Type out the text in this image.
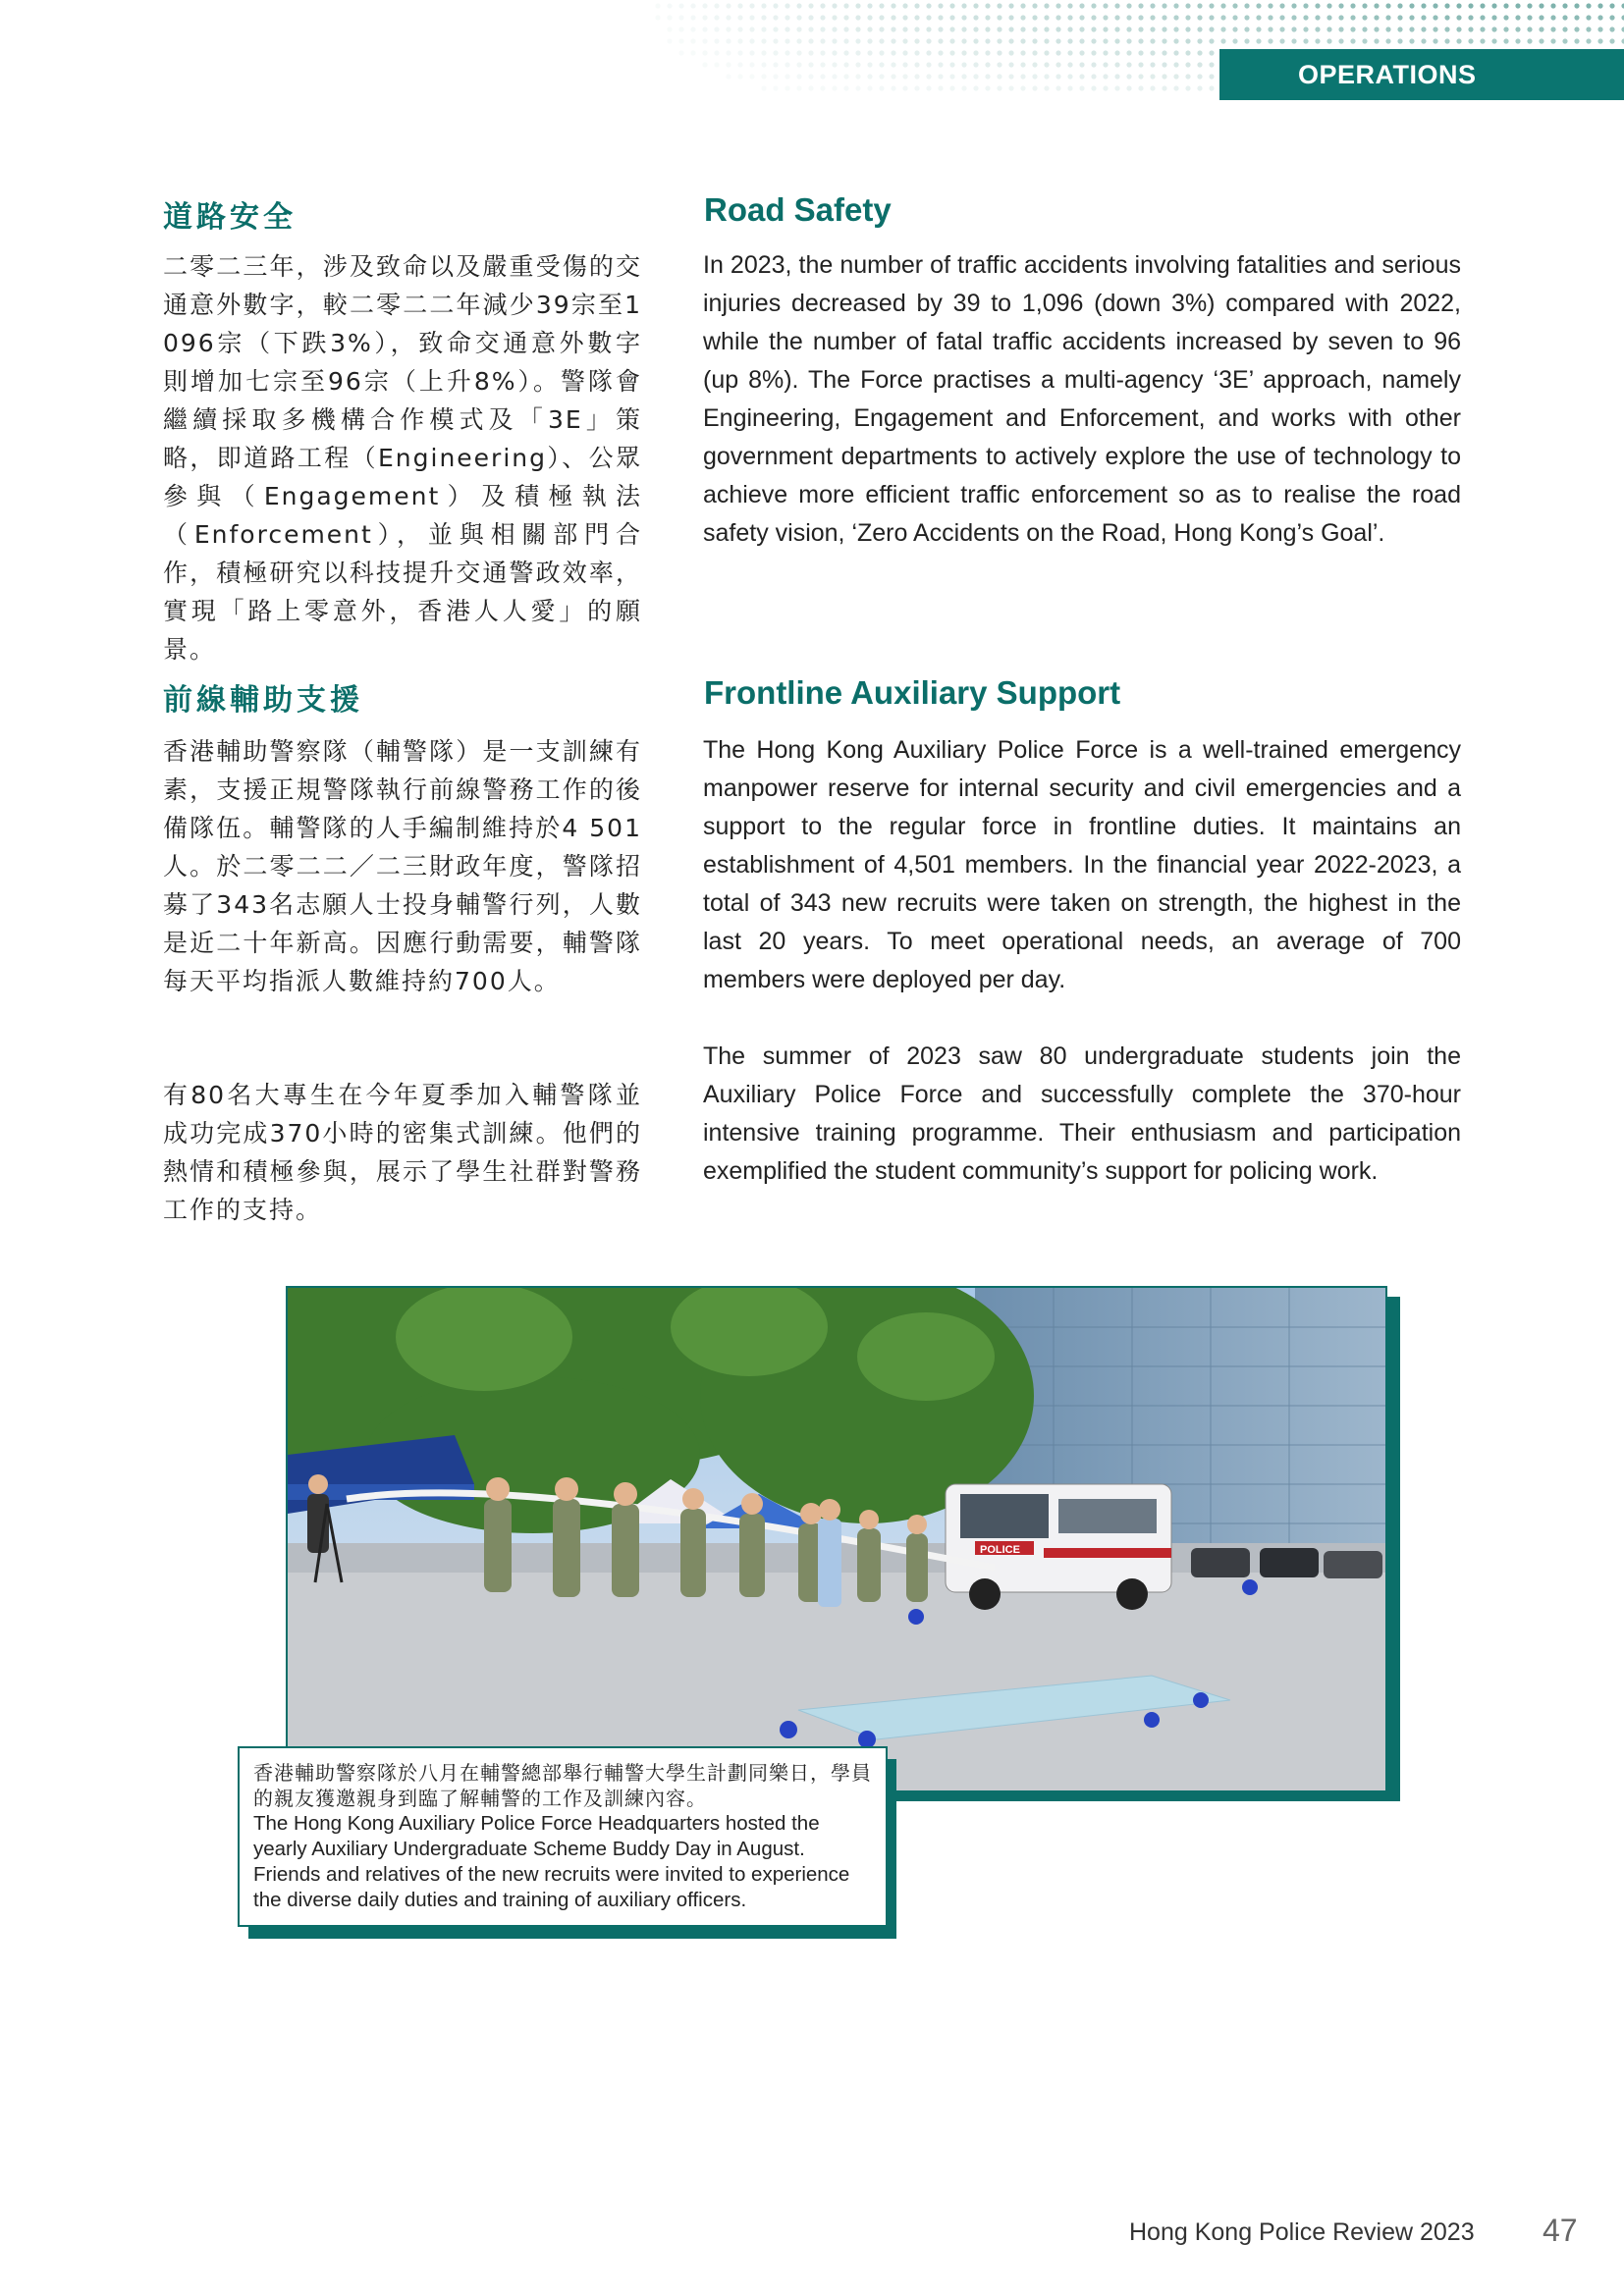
OPERATIONS
道路安全

二零二三年，涉及致命以及嚴重受傷的交通意外數字，較二零二二年減少39宗至1 096宗（下跌3%），致命交通意外數字則增加七宗至96宗（上升8%）。警隊會繼續採取多機構合作模式及「3E」策略，即道路工程（Engineering）、公眾參與（Engagement）及積極執法（Enforcement），並與相關部門合作，積極研究以科技提升交通警政效率，實現「路上零意外，香港人人愛」的願景。

Road Safety

In 2023, the number of traffic accidents involving fatalities and serious injuries decreased by 39 to 1,096 (down 3%) compared with 2022, while the number of fatal traffic accidents increased by seven to 96 (up 8%). The Force practises a multi-agency ‘3E’ approach, namely Engineering, Engagement and Enforcement, and works with other government departments to actively explore the use of technology to achieve more efficient traffic enforcement so as to realise the road safety vision, ‘Zero Accidents on the Road, Hong Kong’s Goal’.

前線輔助支援

香港輔助警察隊（輔警隊）是一支訓練有素，支援正規警隊執行前線警務工作的後備隊伍。輔警隊的人手編制維持於4 501人。於二零二二／二三財政年度，警隊招募了343名志願人士投身輔警行列，人數是近二十年新高。因應行動需要，輔警隊每天平均指派人數維持約700人。

有80名大專生在今年夏季加入輔警隊並成功完成370小時的密集式訓練。他們的熱情和積極參與，展示了學生社群對警務工作的支持。

Frontline Auxiliary Support

The Hong Kong Auxiliary Police Force is a well-trained emergency manpower reserve for internal security and civil emergencies and a support to the regular force in frontline duties. It maintains an establishment of 4,501 members. In the financial year 2022-2023, a total of 343 new recruits were taken on strength, the highest in the last 20 years. To meet operational needs, an average of 700 members were deployed per day.

The summer of 2023 saw 80 undergraduate students join the Auxiliary Police Force and successfully complete the 370-hour intensive training programme. Their enthusiasm and participation exemplified the student community’s support for policing work.

POLICE
香港輔助警察隊於八月在輔警總部舉行輔警大學生計劃同樂日，學員的親友獲邀親身到臨了解輔警的工作及訓練內容。
The Hong Kong Auxiliary Police Force Headquarters hosted the yearly Auxiliary Undergraduate Scheme Buddy Day in August. Friends and relatives of the new recruits were invited to experience the diverse daily duties and training of auxiliary officers.
Hong Kong Police Review 2023 47
